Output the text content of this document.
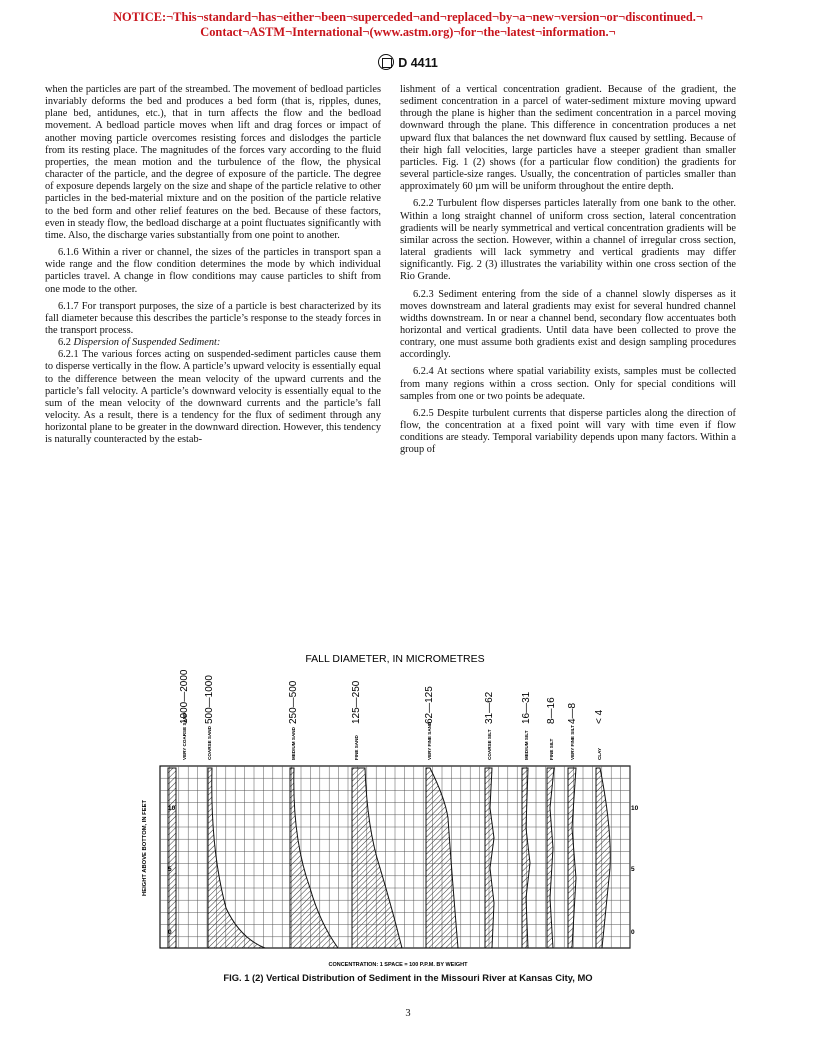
NOTICE:¬This¬standard¬has¬either¬been¬superceded¬and¬replaced¬by¬a¬new¬version¬or¬discontinued.¬
Contact¬ASTM¬International¬(www.astm.org)¬for¬the¬latest¬information.¬
D 4411

when the particles are part of the streambed. The movement of bedload particles invariably deforms the bed and produces a bed form (that is, ripples, dunes, plane bed, antidunes, etc.), that in turn affects the flow and the bedload movement. A bedload particle moves when lift and drag forces or impact of another moving particle overcomes resisting forces and dislodges the particle from its resting place. The magnitudes of the forces vary according to the fluid properties, the mean motion and the turbulence of the flow, the physical character of the particle, and the degree of exposure of the particle. The degree of exposure depends largely on the size and shape of the particle relative to other particles in the bed-material mixture and on the position of the particle relative to the bed form and other relief features on the bed. Because of these factors, even in steady flow, the bedload discharge at a point fluctuates significantly with time. Also, the discharge varies substantially from one point to another.

6.1.6 Within a river or channel, the sizes of the particles in transport span a wide range and the flow condition determines the mode by which individual particles travel. A change in flow conditions may cause particles to shift from one mode to the other.

6.1.7 For transport purposes, the size of a particle is best characterized by its fall diameter because this describes the particle’s response to the steady forces in the transport process.

6.2 Dispersion of Suspended Sediment:

6.2.1 The various forces acting on suspended-sediment particles cause them to disperse vertically in the flow. A particle’s upward velocity is essentially equal to the difference between the mean velocity of the upward currents and the particle’s fall velocity. A particle’s downward velocity is essentially equal to the sum of the mean velocity of the downward currents and the particle’s fall velocity. As a result, there is a tendency for the flux of sediment through any horizontal plane to be greater in the downward direction. However, this tendency is naturally counteracted by the estab-

lishment of a vertical concentration gradient. Because of the gradient, the sediment concentration in a parcel of water-sediment mixture moving upward through the plane is higher than the sediment concentration in a parcel moving downward through the plane. This difference in concentration produces a net upward flux that balances the net downward flux caused by settling. Because of their high fall velocities, large particles have a steeper gradient than smaller particles. Fig. 1 (2) shows (for a particular flow condition) the gradients for several particle-size ranges. Usually, the concentration of particles smaller than approximately 60 µm will be uniform throughout the entire depth.

6.2.2 Turbulent flow disperses particles laterally from one bank to the other. Within a long straight channel of uniform cross section, lateral concentration gradients will be nearly symmetrical and vertical concentration gradients will be similar across the section. However, within a channel of irregular cross section, lateral gradients will lack symmetry and vertical gradients may differ significantly. Fig. 2 (3) illustrates the variability within one cross section of the Rio Grande.

6.2.3 Sediment entering from the side of a channel slowly disperses as it moves downstream and lateral gradients may exist for several hundred channel widths downstream. In or near a channel bend, secondary flow accentuates both horizontal and vertical gradients. Until data have been collected to prove the contrary, one must assume both gradients exist and design sampling procedures accordingly.

6.2.4 At sections where spatial variability exists, samples must be collected from many regions within a cross section. Only for special conditions will samples from one or two points be adequate.

6.2.5 Despite turbulent currents that disperse particles along the direction of flow, the concentration at a fixed point will vary with time even if flow conditions are steady. Temporal variability depends upon many factors. Within a group of

FALL DIAMETER, IN MICROMETRES
1000—2000 500—1000	250—500	125—250	62—125	31—62	16—31 8—16 4—8 < 4
VERY COARSE SAND	COARSE SAND	MEDIUM SAND	FINE SAND	VERY FINE SAND	COARSE SILT	MEDIUM SILT	FINE SILT	VERY FINE SILT	CLAY
HEIGHT ABOVE BOTTOM, IN FEET	10
5
0
10
5
0
CONCENTRATION: 1 SPACE = 100 P.P.M. BY WEIGHT
FIG. 1 (2) Vertical Distribution of Sediment in the Missouri River at Kansas City, MO
3
